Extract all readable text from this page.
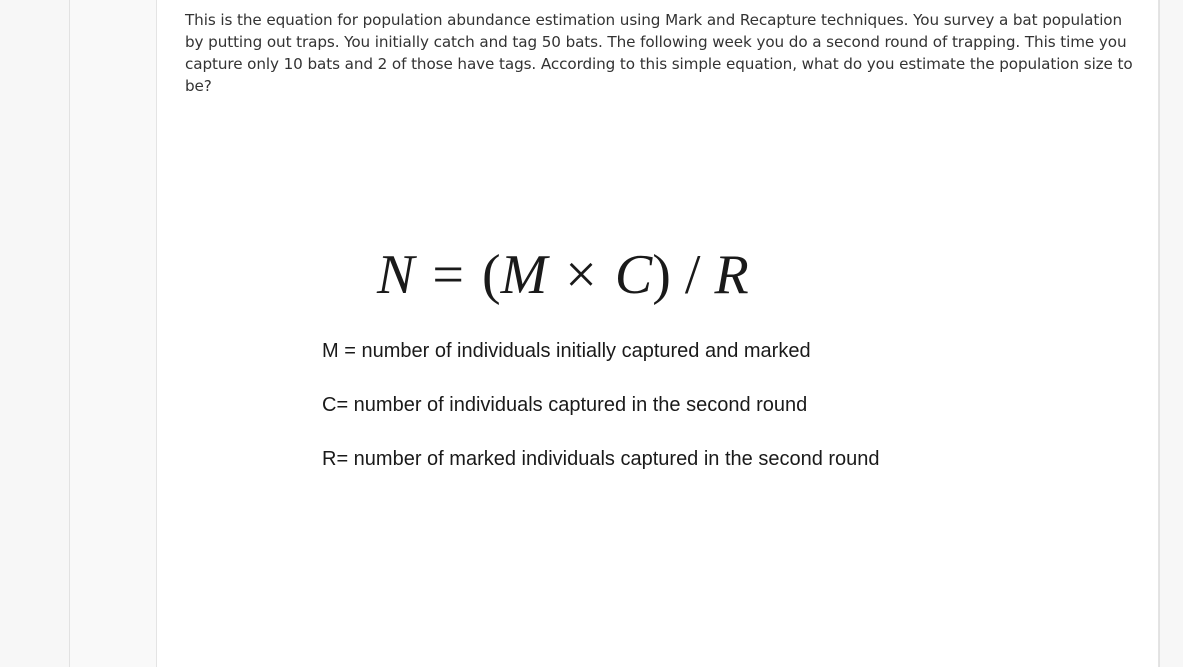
This is the equation for population abundance estimation using Mark and Recapture techniques. You survey a bat population by putting out traps. You initially catch and tag 50 bats. The following week you do a second round of trapping. This time you capture only 10 bats and 2 of those have tags. According to this simple equation, what do you estimate the population size to be?

N = (M × C) / R

M = number of individuals initially captured and marked

C= number of individuals captured in the second round

R= number of marked individuals captured in the second round
